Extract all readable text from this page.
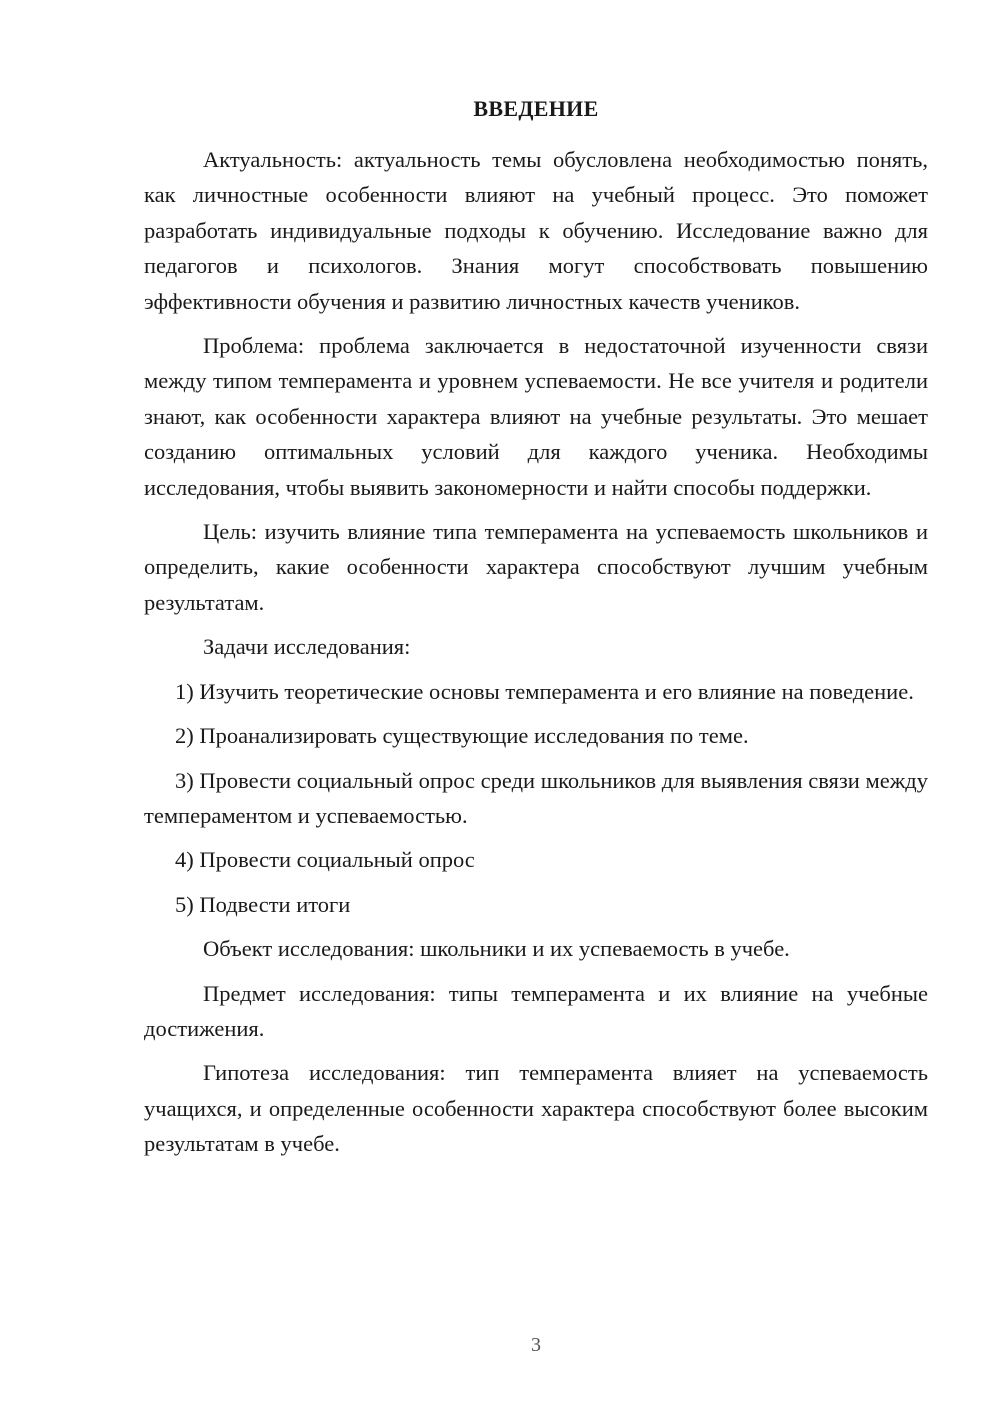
ВВЕДЕНИЕ

Актуальность: актуальность темы обусловлена необходимостью понять, как личностные особенности влияют на учебный процесс. Это поможет разработать индивидуальные подходы к обучению. Исследование важно для педагогов и психологов. Знания могут способствовать повышению эффективности обучения и развитию личностных качеств учеников.

Проблема: проблема заключается в недостаточной изученности связи между типом темперамента и уровнем успеваемости. Не все учителя и родители знают, как особенности характера влияют на учебные результаты. Это мешает созданию оптимальных условий для каждого ученика. Необходимы исследования, чтобы выявить закономерности и найти способы поддержки.

Цель: изучить влияние типа темперамента на успеваемость школьников и определить, какие особенности характера способствуют лучшим учебным результатам.

Задачи исследования:

1) Изучить теоретические основы темперамента и его влияние на поведение.

2) Проанализировать существующие исследования по теме.

3) Провести социальный опрос среди школьников для выявления связи между темпераментом и успеваемостью.

4) Провести социальный опрос

5) Подвести итоги

Объект исследования: школьники и их успеваемость в учебе.

Предмет исследования: типы темперамента и их влияние на учебные достижения.

Гипотеза исследования: тип темперамента влияет на успеваемость учащихся, и определенные особенности характера способствуют более высоким результатам в учебе.

3
